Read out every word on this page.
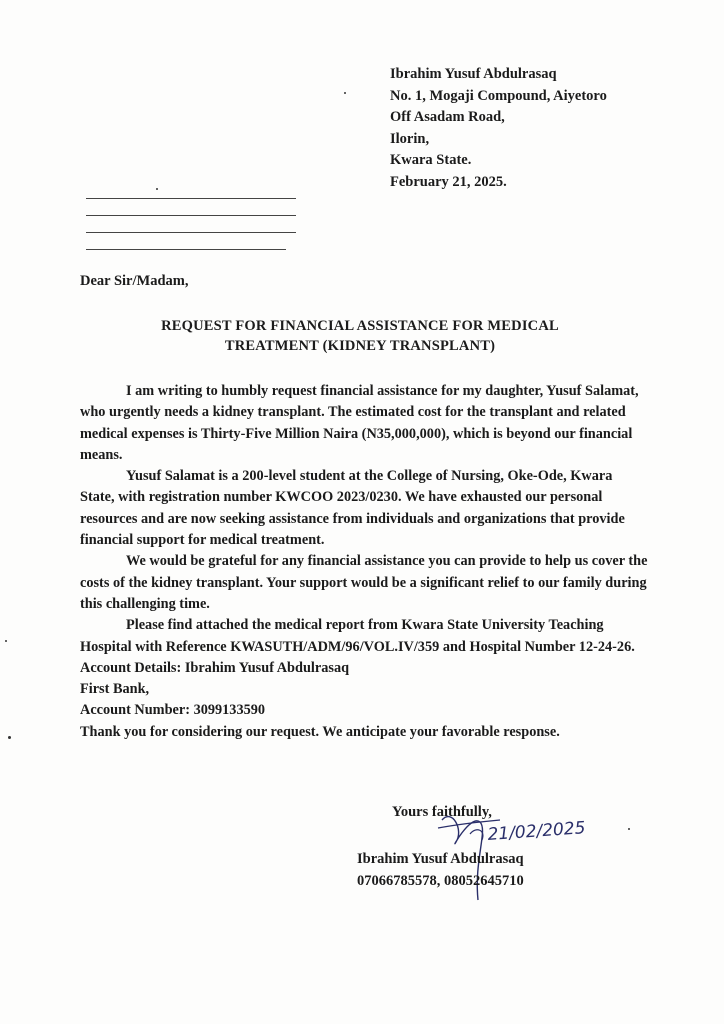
Ibrahim Yusuf Abdulrasaq
No. 1, Mogaji Compound, Aiyetoro
Off Asadam Road,
Ilorin,
Kwara State.
February 21, 2025.
Dear Sir/Madam,
REQUEST FOR FINANCIAL ASSISTANCE FOR MEDICAL
TREATMENT (KIDNEY TRANSPLANT)

I am writing to humbly request financial assistance for my daughter, Yusuf Salamat, who urgently needs a kidney transplant. The estimated cost for the transplant and related medical expenses is Thirty-Five Million Naira (N35,000,000), which is beyond our financial means.

Yusuf Salamat is a 200-level student at the College of Nursing, Oke-Ode, Kwara State, with registration number KWCOO 2023/0230. We have exhausted our personal resources and are now seeking assistance from individuals and organizations that provide financial support for medical treatment.

We would be grateful for any financial assistance you can provide to help us cover the costs of the kidney transplant. Your support would be a significant relief to our family during this challenging time.

Please find attached the medical report from Kwara State University Teaching Hospital with Reference KWASUTH/ADM/96/VOL.IV/359 and Hospital Number 12-24-26.

Account Details: Ibrahim Yusuf Abdulrasaq
First Bank,
Account Number: 3099133590
Thank you for considering our request. We anticipate your favorable response.
Yours faithfully,
21/02/2025
Ibrahim Yusuf Abdulrasaq
07066785578, 08052645710
